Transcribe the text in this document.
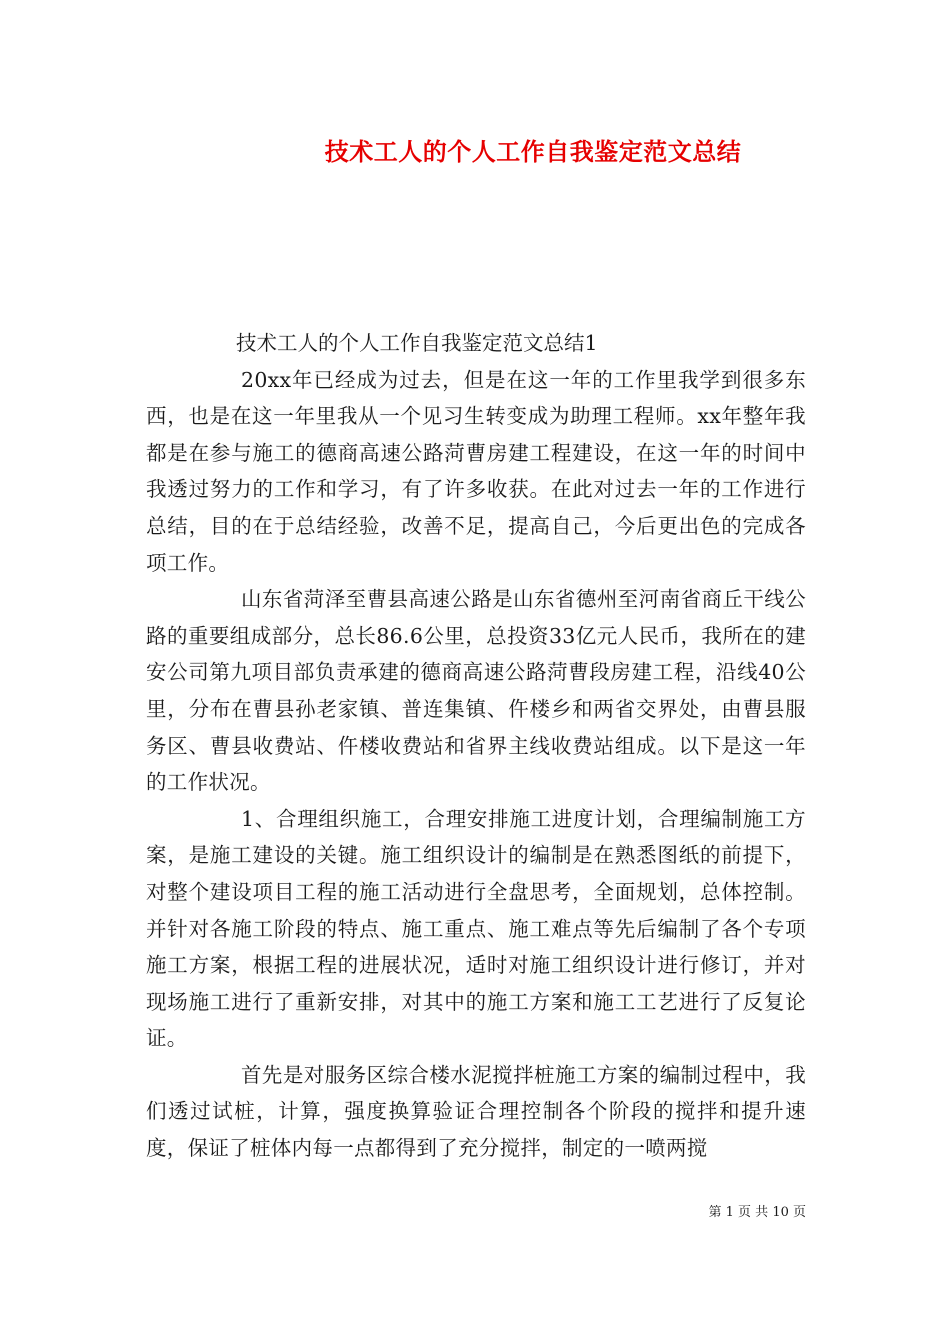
技术工人的个人工作自我鉴定范文总结

技术工人的个人工作自我鉴定范文总结1

20xx年已经成为过去，但是在这一年的工作里我学到很多东西，也是在这一年里我从一个见习生转变成为助理工程师。xx年整年我都是在参与施工的德商高速公路菏曹房建工程建设，在这一年的时间中我透过努力的工作和学习，有了许多收获。在此对过去一年的工作进行总结，目的在于总结经验，改善不足，提高自己，今后更出色的完成各项工作。

山东省菏泽至曹县高速公路是山东省德州至河南省商丘干线公路的重要组成部分，总长86.6公里，总投资33亿元人民币，我所在的建安公司第九项目部负责承建的德商高速公路菏曹段房建工程，沿线40公里，分布在曹县孙老家镇、普连集镇、仵楼乡和两省交界处，由曹县服务区、曹县收费站、仵楼收费站和省界主线收费站组成。以下是这一年的工作状况。

1、合理组织施工，合理安排施工进度计划，合理编制施工方案，是施工建设的关键。施工组织设计的编制是在熟悉图纸的前提下，对整个建设项目工程的施工活动进行全盘思考，全面规划，总体控制。并针对各施工阶段的特点、施工重点、施工难点等先后编制了各个专项施工方案，根据工程的进展状况，适时对施工组织设计进行修订，并对现场施工进行了重新安排，对其中的施工方案和施工工艺进行了反复论证。

首先是对服务区综合楼水泥搅拌桩施工方案的编制过程中，我们透过试桩，计算，强度换算验证合理控制各个阶段的搅拌和提升速度，保证了桩体内每一点都得到了充分搅拌，制定的一喷两搅

第 1 页 共 10 页
